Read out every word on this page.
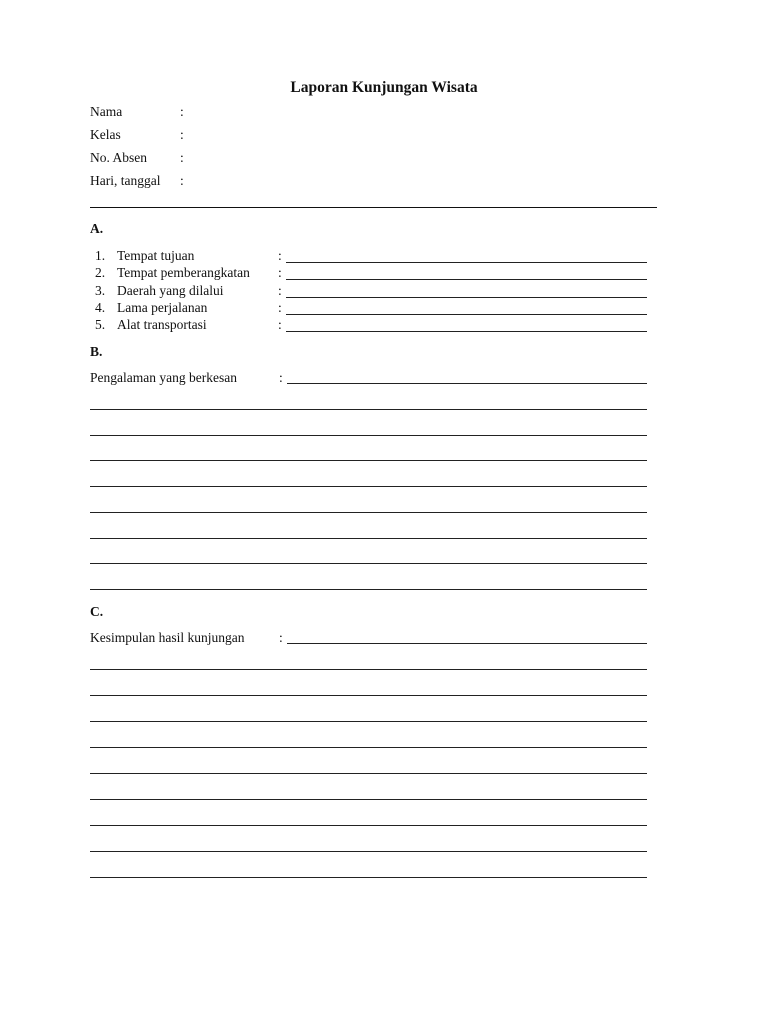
Laporan Kunjungan Wisata
Nama	:
Kelas	:
No. Absen :
Hari, tanggal :
A.
1. Tempat tujuan	:
2. Tempat pemberangkatan :
3. Daerah yang dilalui	:
4. Lama perjalanan	:
5. Alat transportasi	:
B.
Pengalaman yang berkesan	:
C.
Kesimpulan hasil kunjungan	:
